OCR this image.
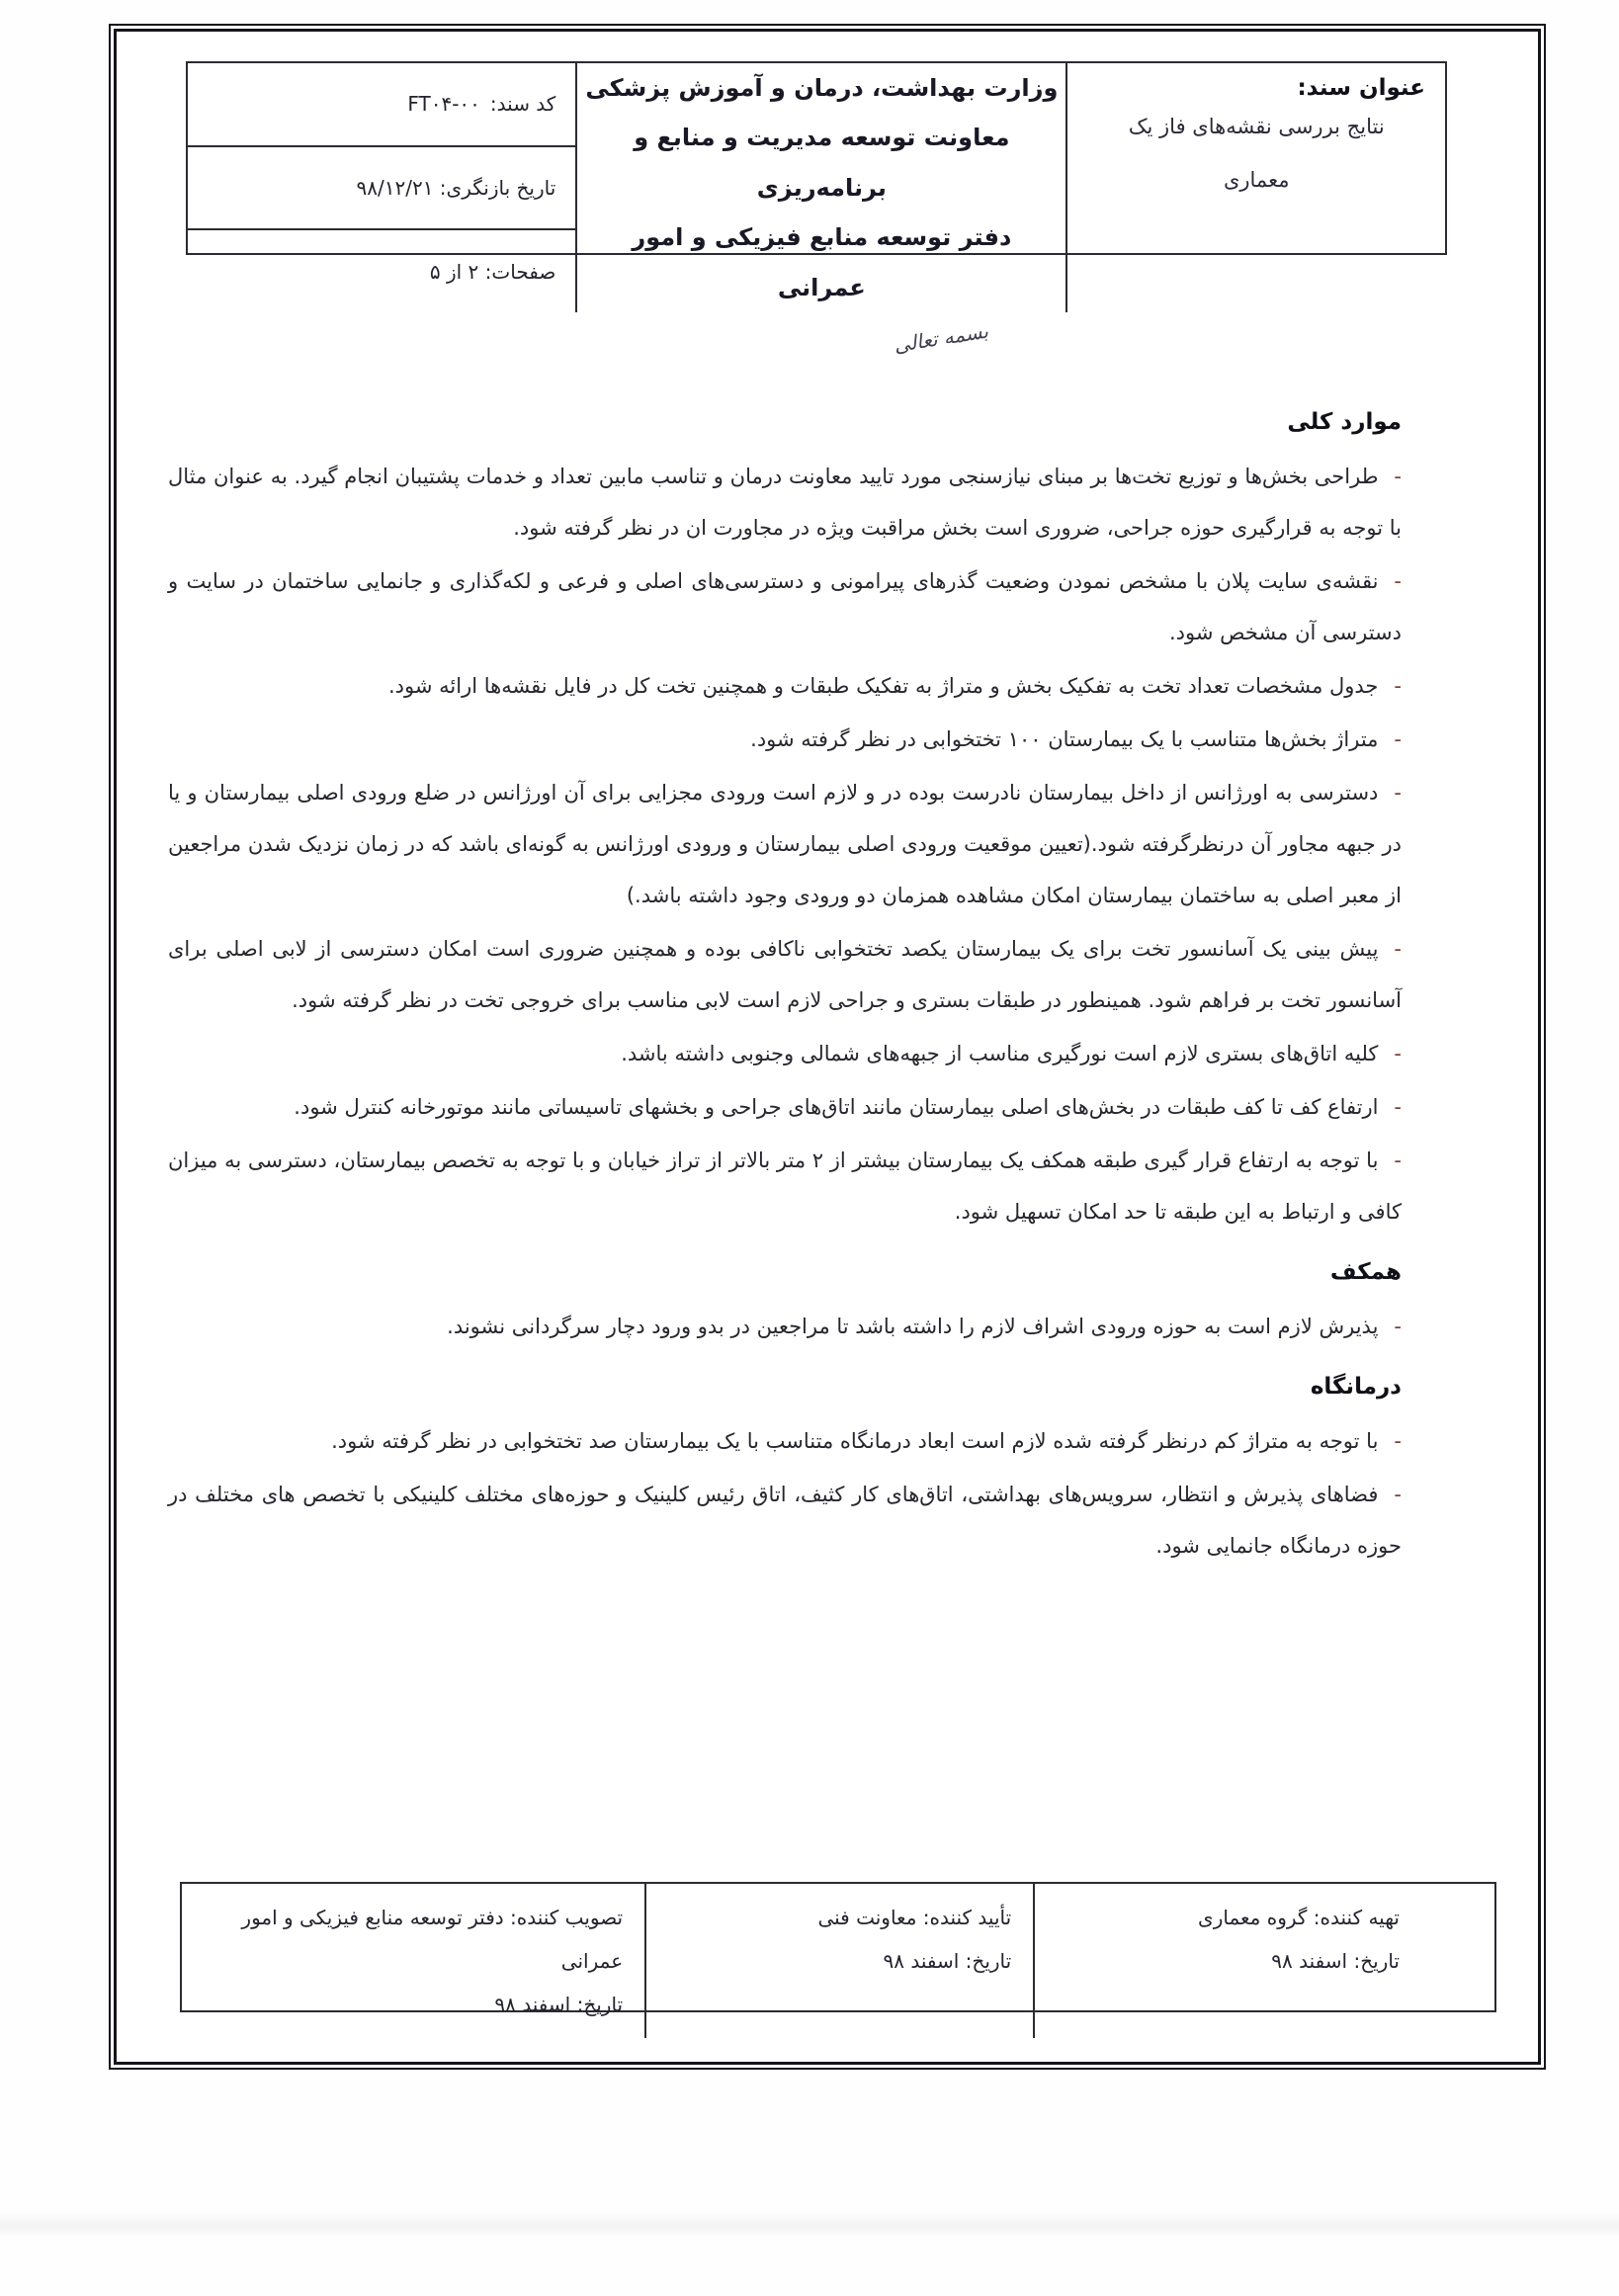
عنوان سند:
نتایج بررسی نقشه‌های فاز یک
معماری
وزارت بهداشت، درمان و آموزش پزشکی
معاونت توسعه مدیریت و منابع و برنامه‌ریزی
دفتر توسعه منابع فیزیکی و امور عمرانی
کد سند:
FT۰۴-۰۰
تاریخ بازنگری: ۹۸/۱۲/۲۱
صفحات: ۲ از ۵
بسمه تعالی
موارد کلی

-طراحی بخش‌ها و توزیع تخت‌ها بر مبنای نیازسنجی مورد تایید معاونت درمان و تناسب مابین تعداد و خدمات پشتیبان انجام گیرد. به عنوان مثال با توجه به قرارگیری حوزه جراحی، ضروری است بخش مراقبت ویژه در مجاورت ان در نظر گرفته شود.

-نقشه‌ی سایت پلان با مشخص نمودن وضعیت گذرهای پیرامونی و دسترسی‌های اصلی و فرعی و لکه‌گذاری و جانمایی ساختمان در سایت و دسترسی آن مشخص شود.

-جدول مشخصات تعداد تخت به تفکیک بخش و متراژ به تفکیک طبقات و همچنین تخت کل در فایل نقشه‌ها ارائه شود.

-متراژ بخش‌ها متناسب با یک بیمارستان ۱۰۰ تختخوابی در نظر گرفته شود.

-دسترسی به اورژانس از داخل بیمارستان نادرست بوده در و لازم است ورودی مجزایی برای آن اورژانس در ضلع ورودی اصلی بیمارستان و یا در جبهه مجاور آن درنظرگرفته شود.(تعیین موقعیت ورودی اصلی بیمارستان و ورودی اورژانس به گونه‌ای باشد که در زمان نزدیک شدن مراجعین از معبر اصلی به ساختمان بیمارستان امکان مشاهده همزمان دو ورودی وجود داشته باشد.)

-پیش بینی یک آسانسور تخت برای یک بیمارستان یکصد تختخوابی ناکافی بوده و همچنین ضروری است امکان دسترسی از لابی اصلی برای آسانسور تخت بر فراهم شود. همینطور در طبقات بستری و جراحی لازم است لابی مناسب برای خروجی تخت در نظر گرفته شود.

-کلیه اتاق‌های بستری لازم است نورگیری مناسب از جبهه‌های شمالی وجنوبی داشته باشد.

-ارتفاع کف تا کف طبقات در بخش‌های اصلی بیمارستان مانند اتاق‌های جراحی و بخشهای تاسیساتی مانند موتورخانه کنترل شود.

-با توجه به ارتفاع قرار گیری طبقه همکف یک بیمارستان بیشتر از ۲ متر بالاتر از تراز خیابان و با توجه به تخصص بیمارستان، دسترسی به میزان کافی و ارتباط به این طبقه تا حد امکان تسهیل شود.

همکف

-پذیرش لازم است به حوزه ورودی اشراف لازم را داشته باشد تا مراجعین در بدو ورود دچار سرگردانی نشوند.

درمانگاه

-با توجه به متراژ کم درنظر گرفته شده لازم است ابعاد درمانگاه متناسب با یک بیمارستان صد تختخوابی در نظر گرفته شود.

-فضاهای پذیرش و انتظار، سرویس‌های بهداشتی، اتاق‌های کار کثیف، اتاق رئیس کلینیک و حوزه‌های مختلف کلینیکی با تخصص های مختلف در حوزه درمانگاه جانمایی شود.

تهیه کننده: گروه معماری
تاریخ: اسفند ۹۸
تأیید کننده: معاونت فنی
تاریخ: اسفند ۹۸
تصویب کننده: دفتر توسعه منابع فیزیکی و امور عمرانی
تاریخ: اسفند ۹۸
